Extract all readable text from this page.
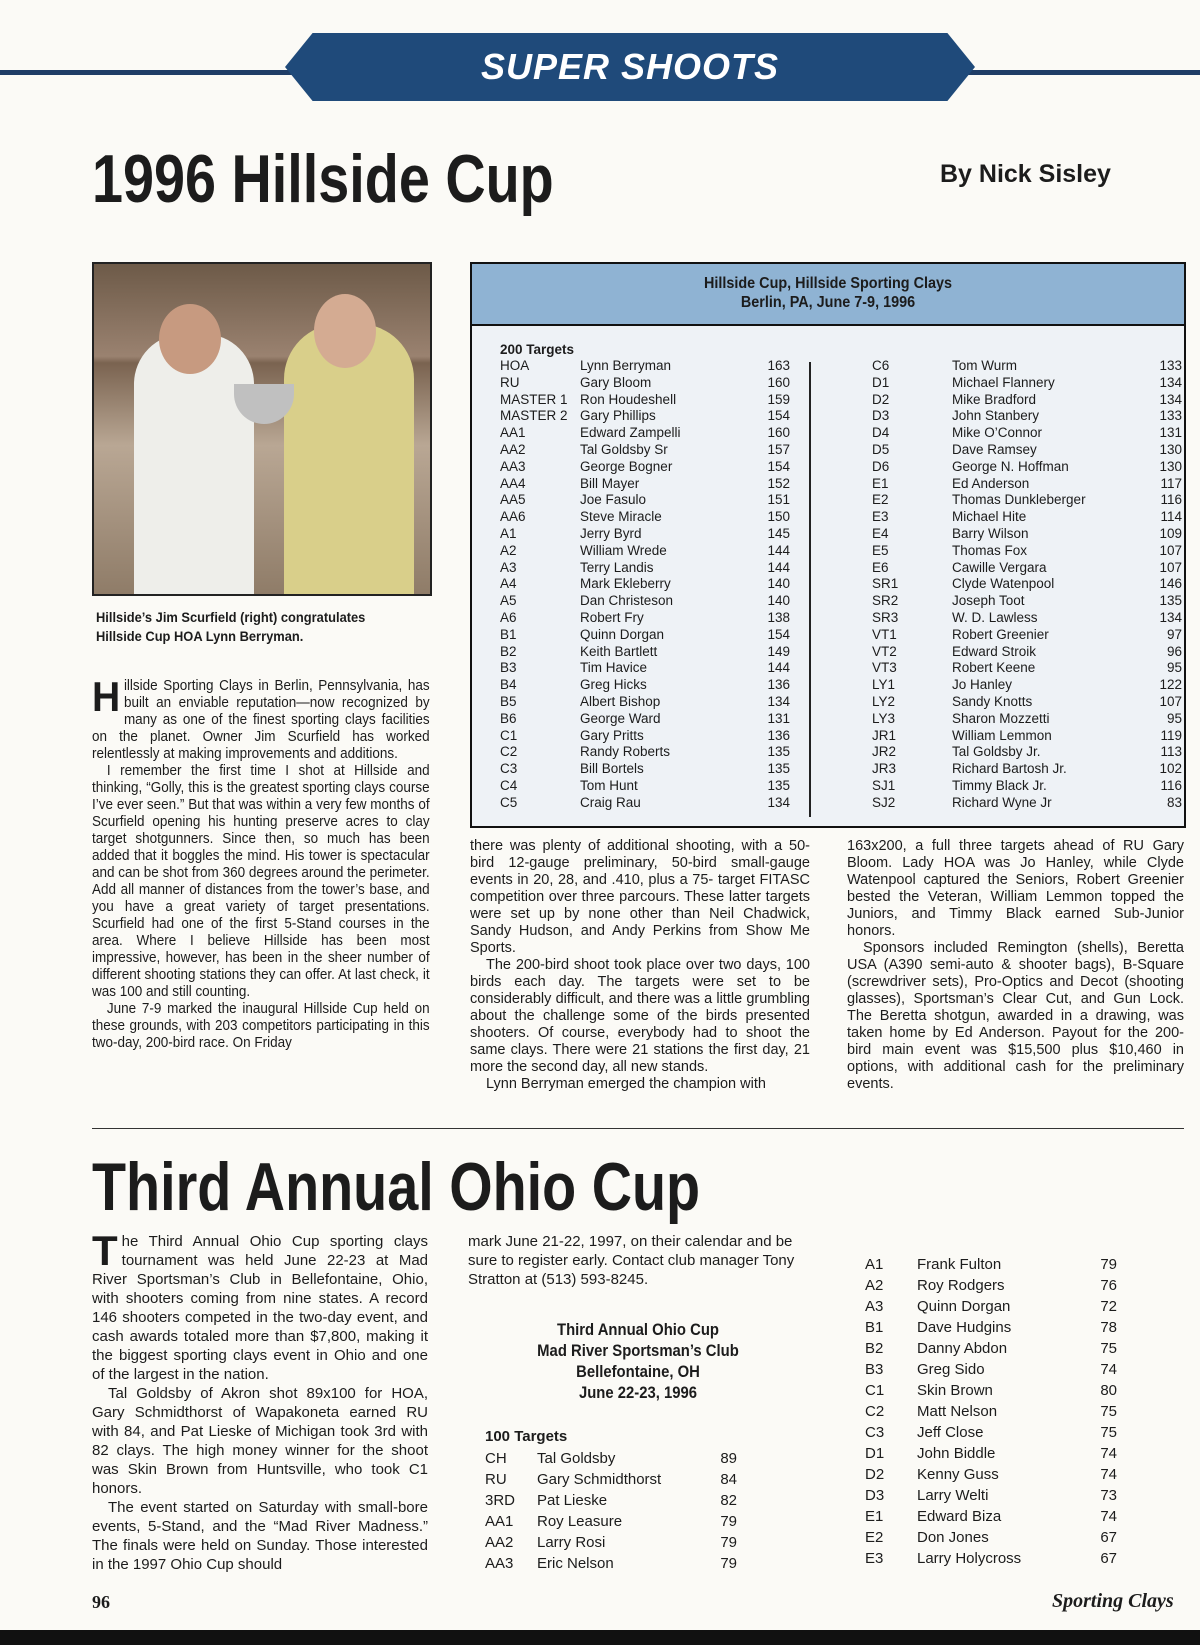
SUPER SHOOTS
1996 Hillside Cup	By Nick Sisley
Hillside’s Jim Scurfield (right) congratulates Hillside Cup HOA Lynn Berryman.

Hillside Sporting Clays in Berlin, Pennsylvania, has built an enviable reputation—now recognized by many as one of the finest sporting clays facilities on the planet. Owner Jim Scurfield has worked relentlessly at making improvements and additions.

I remember the first time I shot at Hillside and thinking, “Golly, this is the greatest sporting clays course I’ve ever seen.” But that was within a very few months of Scurfield opening his hunting preserve acres to clay target shotgunners. Since then, so much has been added that it boggles the mind. His tower is spectacular and can be shot from 360 degrees around the perimeter. Add all manner of distances from the tower’s base, and you have a great variety of target presentations. Scurfield had one of the first 5-Stand courses in the area. Where I believe Hillside has been most impressive, however, has been in the sheer number of different shooting stations they can offer. At last check, it was 100 and still counting.

June 7-9 marked the inaugural Hillside Cup held on these grounds, with 203 competitors participating in this two-day, 200-bird race. On Friday

Hillside Cup, Hillside Sporting Clays
Berlin, PA, June 7-9, 1996
200 Targets
HOA	Lynn Berryman	163
RU	Gary Bloom	160
MASTER 1	Ron Houdeshell	159
MASTER 2	Gary Phillips	154
AA1	Edward Zampelli	160
AA2	Tal Goldsby Sr	157
AA3	George Bogner	154
AA4	Bill Mayer	152
AA5	Joe Fasulo	151
AA6	Steve Miracle	150
A1	Jerry Byrd	145
A2	William Wrede	144
A3	Terry Landis	144
A4	Mark Ekleberry	140
A5	Dan Christeson	140
A6	Robert Fry	138
B1	Quinn Dorgan	154
B2	Keith Bartlett	149
B3	Tim Havice	144
B4	Greg Hicks	136
B5	Albert Bishop	134
B6	George Ward	131
C1	Gary Pritts	136
C2	Randy Roberts	135
C3	Bill Bortels	135
C4	Tom Hunt	135
C5	Craig Rau	134
C6	Tom Wurm	133
D1	Michael Flannery	134
D2	Mike Bradford	134
D3	John Stanbery	133
D4	Mike O’Connor	131
D5	Dave Ramsey	130
D6	George N. Hoffman	130
E1	Ed Anderson	117
E2	Thomas Dunkleberger	116
E3	Michael Hite	114
E4	Barry Wilson	109
E5	Thomas Fox	107
E6	Cawille Vergara	107
SR1	Clyde Watenpool	146
SR2	Joseph Toot	135
SR3	W. D. Lawless	134
VT1	Robert Greenier	97
VT2	Edward Stroik	96
VT3	Robert Keene	95
LY1	Jo Hanley	122
LY2	Sandy Knotts	107
LY3	Sharon Mozzetti	95
JR1	William Lemmon	119
JR2	Tal Goldsby Jr.	113
JR3	Richard Bartosh Jr.	102
SJ1	Timmy Black Jr.	116
SJ2	Richard Wyne Jr	83

there was plenty of additional shooting, with a 50-bird 12-gauge preliminary, 50-bird small-gauge events in 20, 28, and .410, plus a 75- target FITASC competition over three parcours. These latter targets were set up by none other than Neil Chadwick, Sandy Hudson, and Andy Perkins from Show Me Sports.

The 200-bird shoot took place over two days, 100 birds each day. The targets were set to be considerably difficult, and there was a little grumbling about the challenge some of the birds presented shooters. Of course, everybody had to shoot the same clays. There were 21 stations the first day, 21 more the second day, all new stands.

Lynn Berryman emerged the champion with

163x200, a full three targets ahead of RU Gary Bloom. Lady HOA was Jo Hanley, while Clyde Watenpool captured the Seniors, Robert Greenier bested the Veteran, William Lemmon topped the Juniors, and Timmy Black earned Sub-Junior honors.

Sponsors included Remington (shells), Beretta USA (A390 semi-auto & shooter bags), B-Square (screwdriver sets), Pro-Optics and Decot (shooting glasses), Sportsman’s Clear Cut, and Gun Lock. The Beretta shotgun, awarded in a drawing, was taken home by Ed Anderson. Payout for the 200-bird main event was $15,500 plus $10,460 in options, with additional cash for the preliminary events.

Third Annual Ohio Cup

The Third Annual Ohio Cup sporting clays tournament was held June 22-23 at Mad River Sportsman’s Club in Bellefontaine, Ohio, with shooters coming from nine states. A record 146 shooters competed in the two-day event, and cash awards totaled more than $7,800, making it the biggest sporting clays event in Ohio and one of the largest in the nation.

Tal Goldsby of Akron shot 89x100 for HOA, Gary Schmidthorst of Wapakoneta earned RU with 84, and Pat Lieske of Michigan took 3rd with 82 clays. The high money winner for the shoot was Skin Brown from Huntsville, who took C1 honors.

The event started on Saturday with small-bore events, 5-Stand, and the “Mad River Madness.” The finals were held on Sunday. Those interested in the 1997 Ohio Cup should

mark June 21-22, 1997, on their calendar and be sure to register early. Contact club manager Tony Stratton at (513) 593-8245.
Third Annual Ohio Cup
Mad River Sportsman’s Club
Bellefontaine, OH
June 22-23, 1996
100 Targets
CH	Tal Goldsby	89
RU	Gary Schmidthorst	84
3RD	Pat Lieske	82
AA1	Roy Leasure	79
AA2	Larry Rosi	79
AA3	Eric Nelson	79
A1	Frank Fulton	79
A2	Roy Rodgers	76
A3	Quinn Dorgan	72
B1	Dave Hudgins	78
B2	Danny Abdon	75
B3	Greg Sido	74
C1	Skin Brown	80
C2	Matt Nelson	75
C3	Jeff Close	75
D1	John Biddle	74
D2	Kenny Guss	74
D3	Larry Welti	73
E1	Edward Biza	74
E2	Don Jones	67
E3	Larry Holycross	67
96	Sporting Clays
